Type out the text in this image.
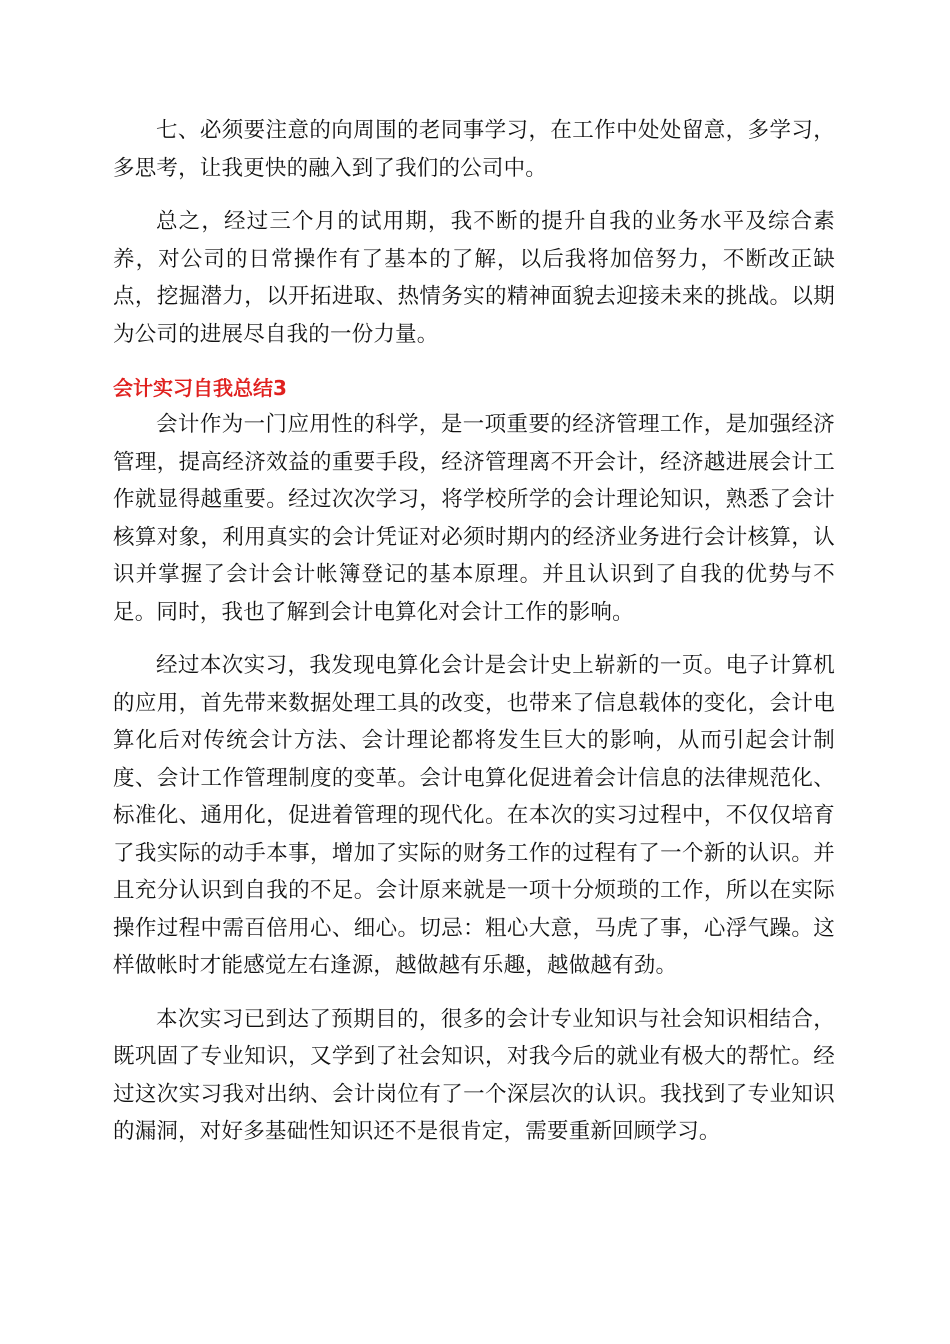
七、必须要注意的向周围的老同事学习，在工作中处处留意，多学习，多思考，让我更快的融入到了我们的公司中。

总之，经过三个月的试用期，我不断的提升自我的业务水平及综合素养，对公司的日常操作有了基本的了解，以后我将加倍努力，不断改正缺点，挖掘潜力，以开拓进取、热情务实的精神面貌去迎接未来的挑战。以期为公司的进展尽自我的一份力量。

会计实习自我总结3

会计作为一门应用性的科学，是一项重要的经济管理工作，是加强经济管理，提高经济效益的重要手段，经济管理离不开会计，经济越进展会计工作就显得越重要。经过次次学习，将学校所学的会计理论知识，熟悉了会计核算对象，利用真实的会计凭证对必须时期内的经济业务进行会计核算，认识并掌握了会计会计帐簿登记的基本原理。并且认识到了自我的优势与不足。同时，我也了解到会计电算化对会计工作的影响。

经过本次实习，我发现电算化会计是会计史上崭新的一页。电子计算机的应用，首先带来数据处理工具的改变，也带来了信息载体的变化，会计电算化后对传统会计方法、会计理论都将发生巨大的影响，从而引起会计制度、会计工作管理制度的变革。会计电算化促进着会计信息的法律规范化、标准化、通用化，促进着管理的现代化。在本次的实习过程中，不仅仅培育了我实际的动手本事，增加了实际的财务工作的过程有了一个新的认识。并且充分认识到自我的不足。会计原来就是一项十分烦琐的工作，所以在实际操作过程中需百倍用心、细心。切忌：粗心大意，马虎了事，心浮气躁。这样做帐时才能感觉左右逢源，越做越有乐趣，越做越有劲。

本次实习已到达了预期目的，很多的会计专业知识与社会知识相结合，既巩固了专业知识，又学到了社会知识，对我今后的就业有极大的帮忙。经过这次实习我对出纳、会计岗位有了一个深层次的认识。我找到了专业知识的漏洞，对好多基础性知识还不是很肯定，需要重新回顾学习。
